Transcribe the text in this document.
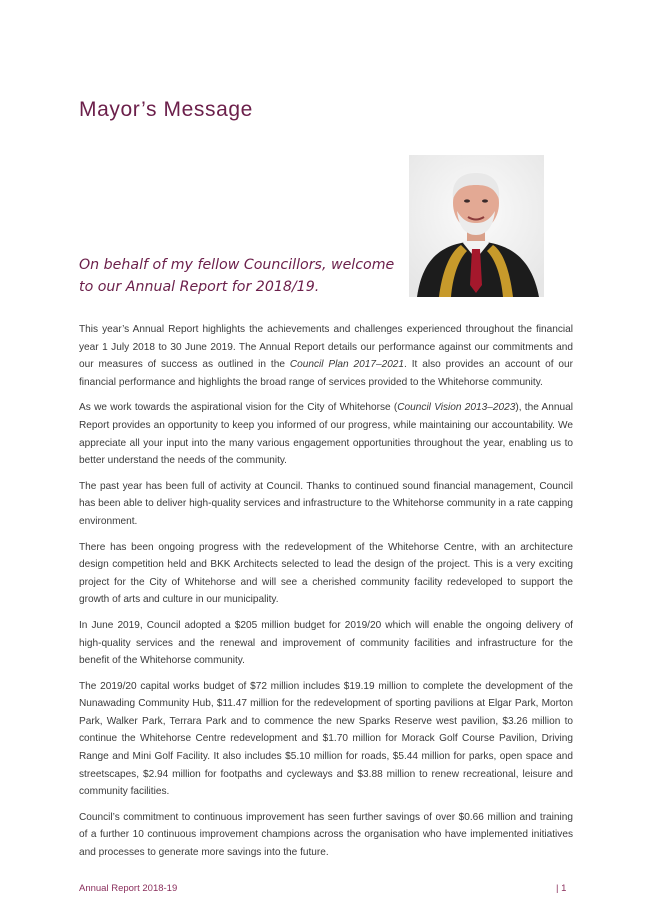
Mayor’s Message

On behalf of my fellow Councillors, welcome
to our Annual Report for 2018/19.

This year’s Annual Report highlights the achievements and challenges experienced throughout the financial year 1 July 2018 to 30 June 2019. The Annual Report details our performance against our commitments and our measures of success as outlined in the Council Plan 2017–2021. It also provides an account of our financial performance and highlights the broad range of services provided to the Whitehorse community.

As we work towards the aspirational vision for the City of Whitehorse (Council Vision 2013–2023), the Annual Report provides an opportunity to keep you informed of our progress, while maintaining our accountability. We appreciate all your input into the many various engagement opportunities throughout the year, enabling us to better understand the needs of the community.

The past year has been full of activity at Council. Thanks to continued sound financial management, Council has been able to deliver high-quality services and infrastructure to the Whitehorse community in a rate capping environment.

There has been ongoing progress with the redevelopment of the Whitehorse Centre, with an architecture design competition held and BKK Architects selected to lead the design of the project. This is a very exciting project for the City of Whitehorse and will see a cherished community facility redeveloped to support the growth of arts and culture in our municipality.

In June 2019, Council adopted a $205 million budget for 2019/20 which will enable the ongoing delivery of high-quality services and the renewal and improvement of community facilities and infrastructure for the benefit of the Whitehorse community.

The 2019/20 capital works budget of $72 million includes $19.19 million to complete the development of the Nunawading Community Hub, $11.47 million for the redevelopment of sporting pavilions at Elgar Park, Morton Park, Walker Park, Terrara Park and to commence the new Sparks Reserve west pavilion, $3.26 million to continue the Whitehorse Centre redevelopment and $1.70 million for Morack Golf Course Pavilion, Driving Range and Mini Golf Facility. It also includes $5.10 million for roads, $5.44 million for parks, open space and streetscapes, $2.94 million for footpaths and cycleways and $3.88 million to renew recreational, leisure and community facilities.

Council’s commitment to continuous improvement has seen further savings of over $0.66 million and training of a further 10 continuous improvement champions across the organisation who have implemented initiatives and processes to generate more savings into the future.

Annual Report 2018-19	| 1
